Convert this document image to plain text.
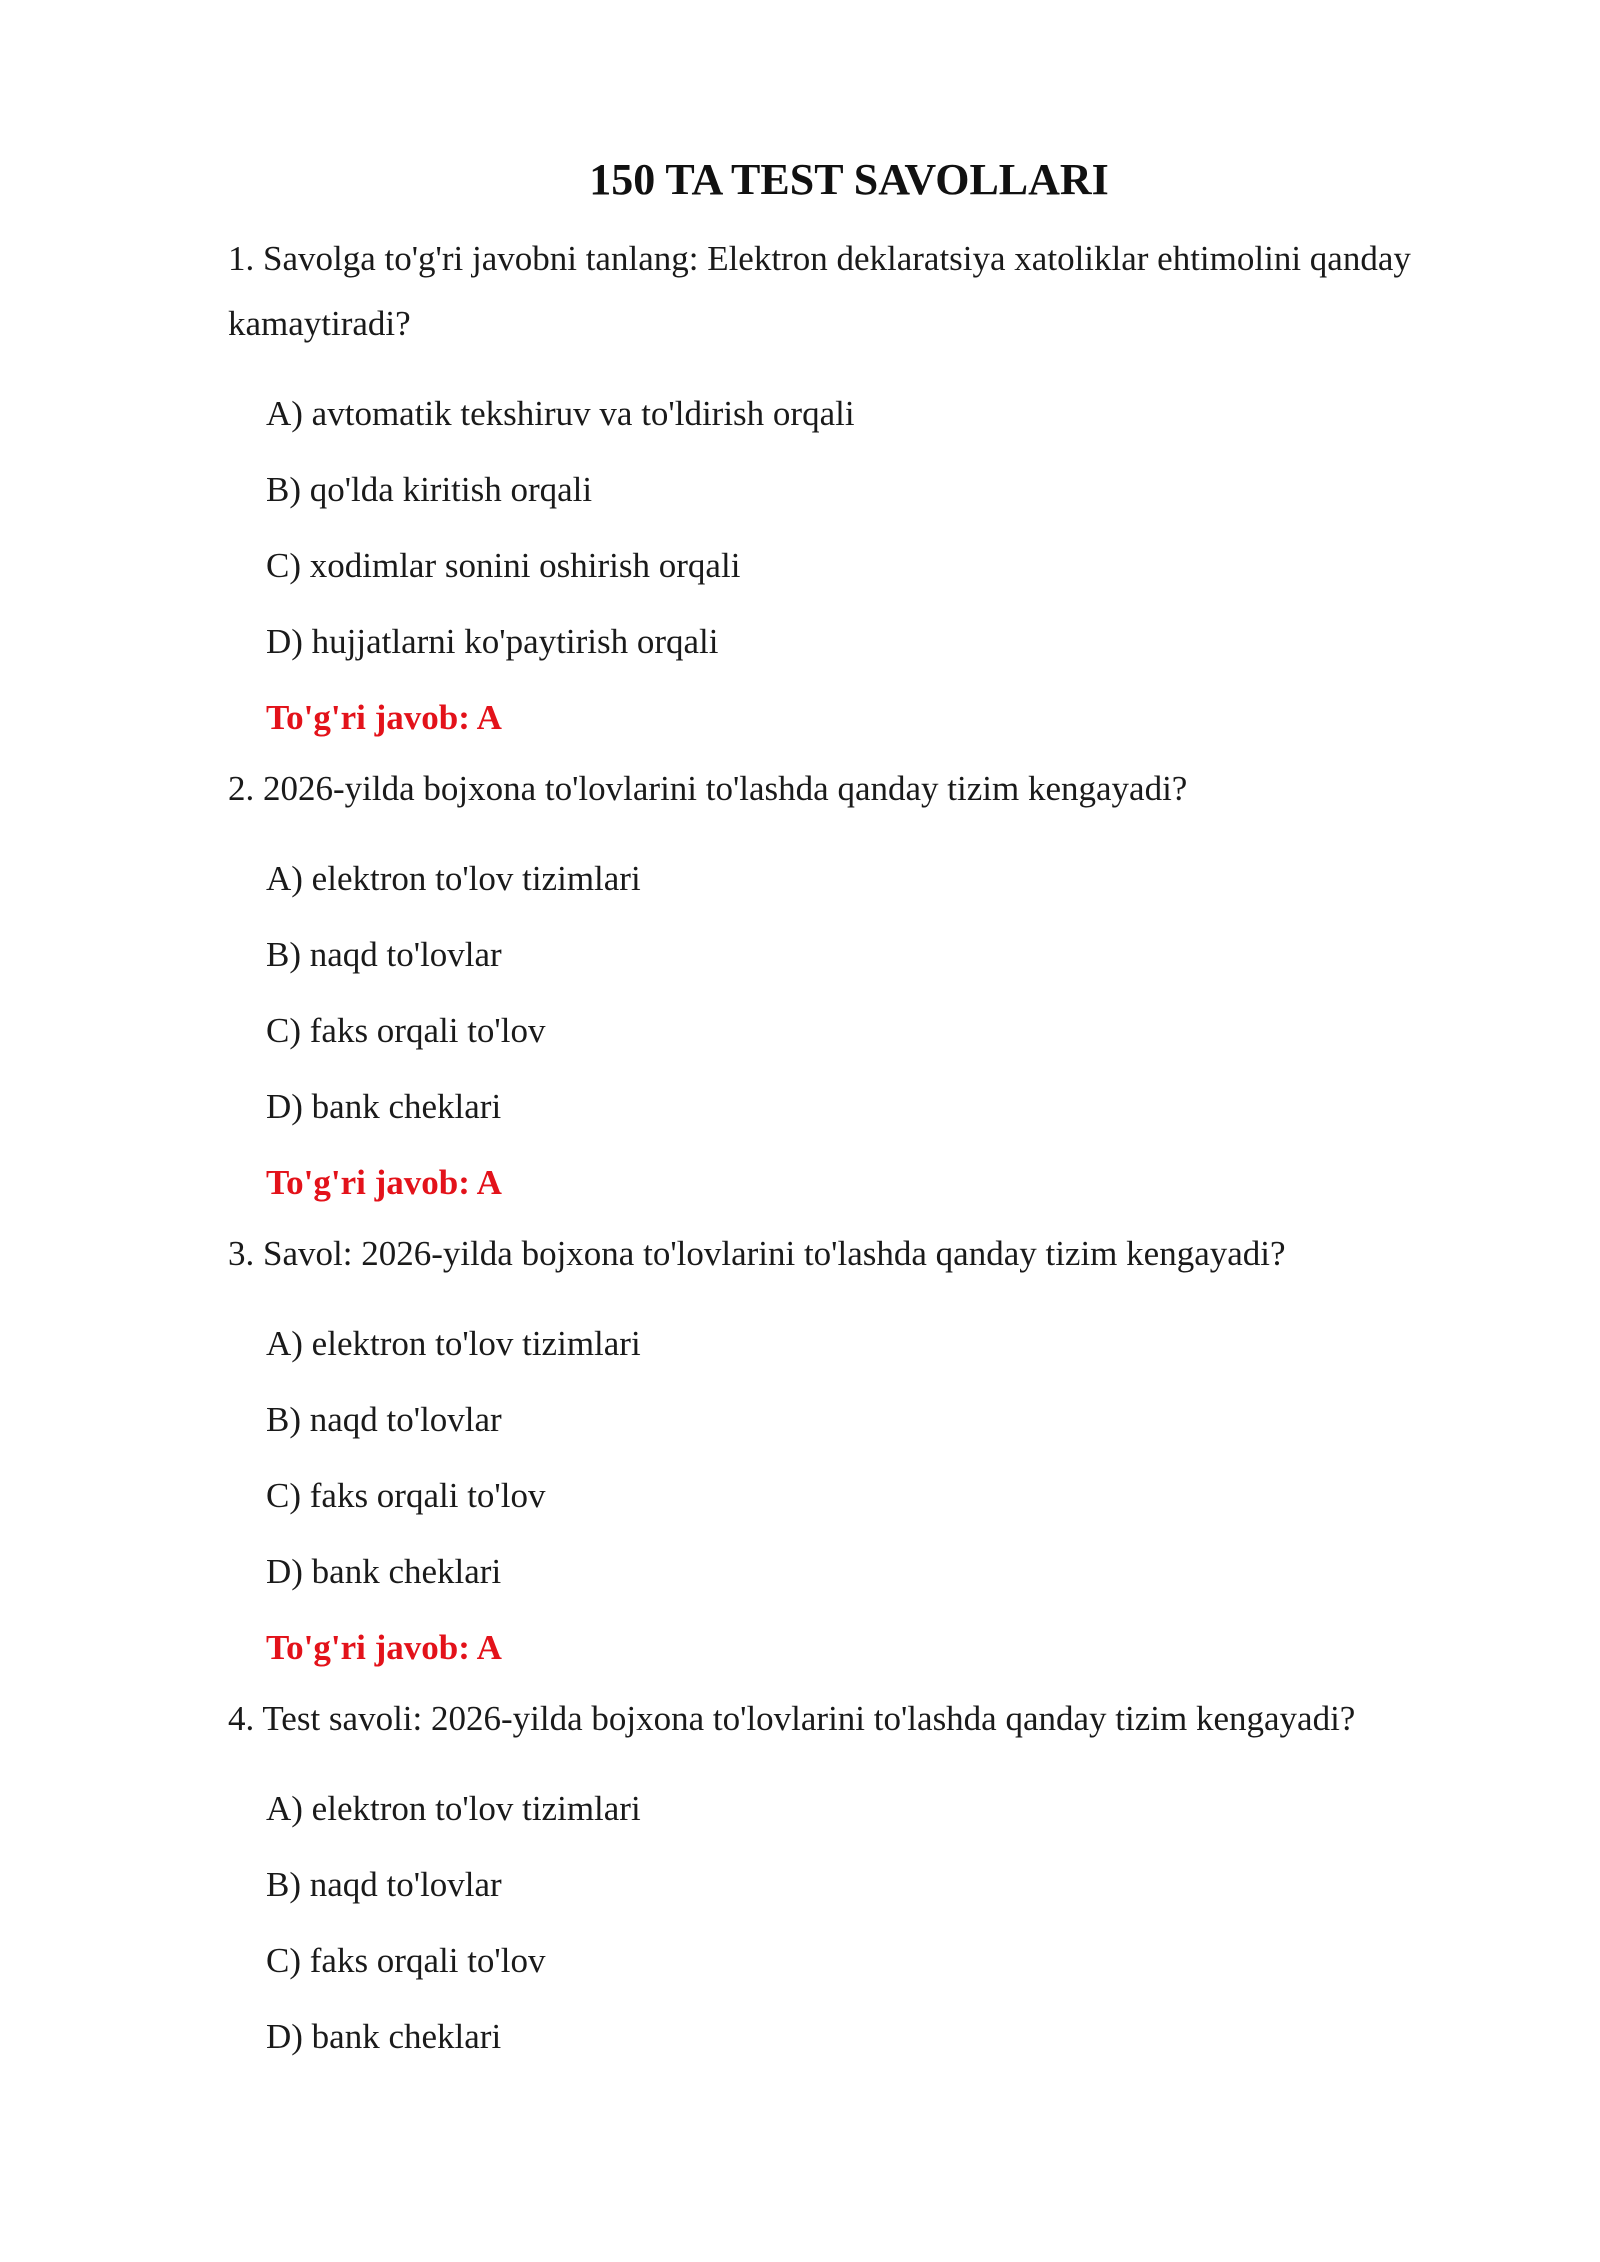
150 TA TEST SAVOLLARI

1. Savolga to'g'ri javobni tanlang: Elektron deklaratsiya xatoliklar ehtimolini qanday kamaytiradi?

A) avtomatik tekshiruv va to'ldirish orqali
B) qo'lda kiritish orqali
C) xodimlar sonini oshirish orqali
D) hujjatlarni ko'paytirish orqali
To'g'ri javob: A

2. 2026-yilda bojxona to'lovlarini to'lashda qanday tizim kengayadi?

A) elektron to'lov tizimlari
B) naqd to'lovlar
C) faks orqali to'lov
D) bank cheklari
To'g'ri javob: A

3. Savol: 2026-yilda bojxona to'lovlarini to'lashda qanday tizim kengayadi?

A) elektron to'lov tizimlari
B) naqd to'lovlar
C) faks orqali to'lov
D) bank cheklari
To'g'ri javob: A

4. Test savoli: 2026-yilda bojxona to'lovlarini to'lashda qanday tizim kengayadi?

A) elektron to'lov tizimlari
B) naqd to'lovlar
C) faks orqali to'lov
D) bank cheklari
